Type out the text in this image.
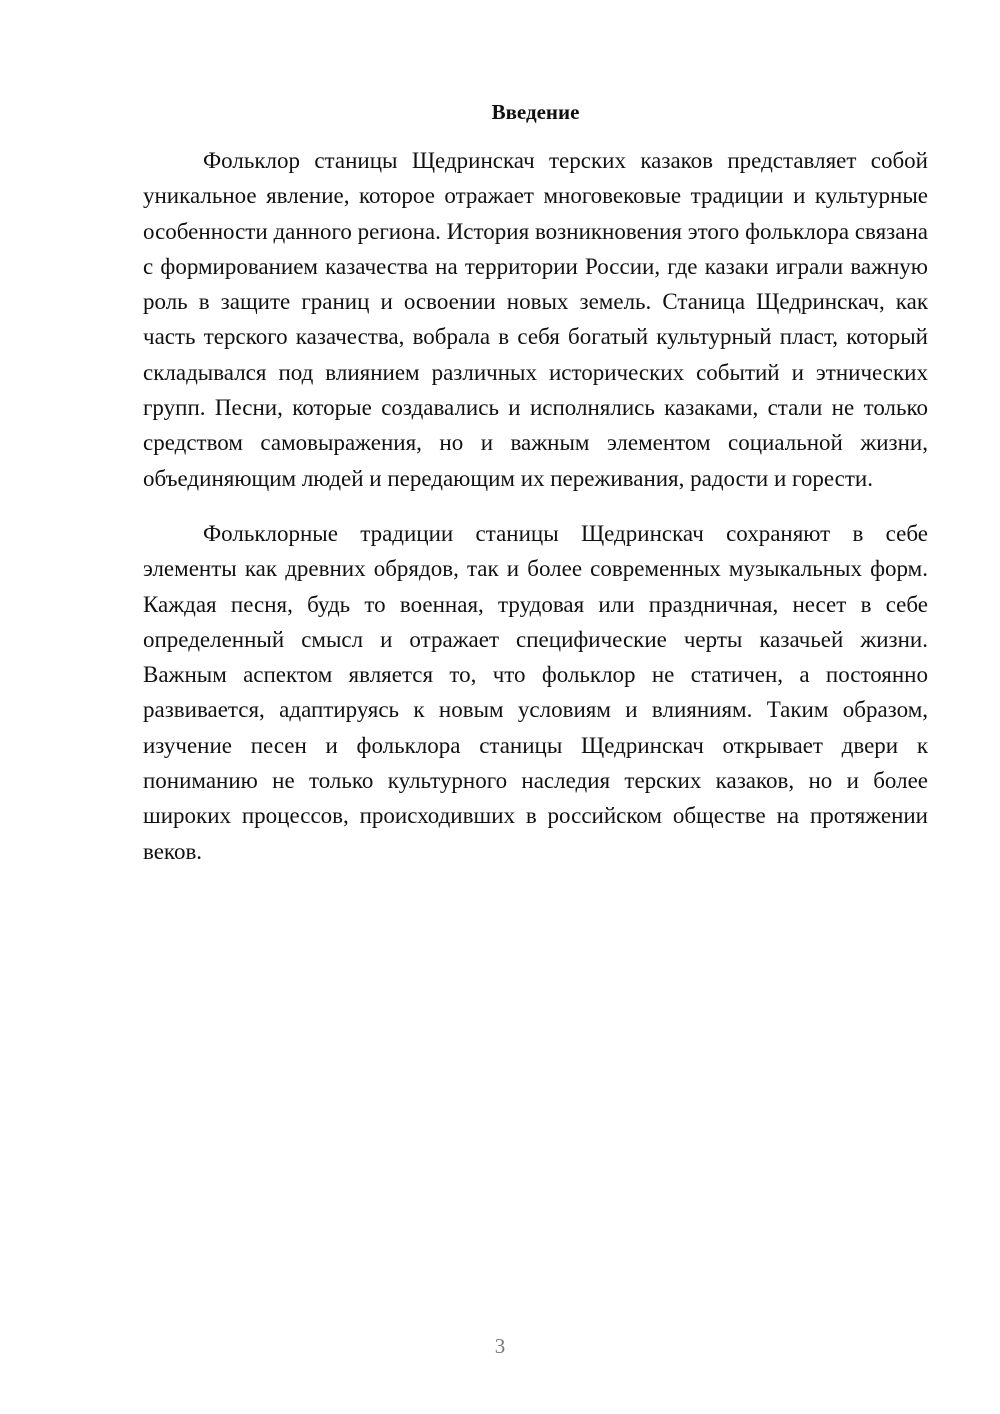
Введение

Фольклор станицы Щедринскач терских казаков представляет собой уникальное явление, которое отражает многовековые традиции и культурные особенности данного региона. История возникновения этого фольклора связана с формированием казачества на территории России, где казаки играли важную роль в защите границ и освоении новых земель. Станица Щедринскач, как часть терского казачества, вобрала в себя богатый культурный пласт, который складывался под влиянием различных исторических событий и этнических групп. Песни, которые создавались и исполнялись казаками, стали не только средством самовыражения, но и важным элементом социальной жизни, объединяющим людей и передающим их переживания, радости и горести.

Фольклорные традиции станицы Щедринскач сохраняют в себе элементы как древних обрядов, так и более современных музыкальных форм. Каждая песня, будь то военная, трудовая или праздничная, несет в себе определенный смысл и отражает специфические черты казачьей жизни. Важным аспектом является то, что фольклор не статичен, а постоянно развивается, адаптируясь к новым условиям и влияниям. Таким образом, изучение песен и фольклора станицы Щедринскач открывает двери к пониманию не только культурного наследия терских казаков, но и более широких процессов, происходивших в российском обществе на протяжении веков.

3
